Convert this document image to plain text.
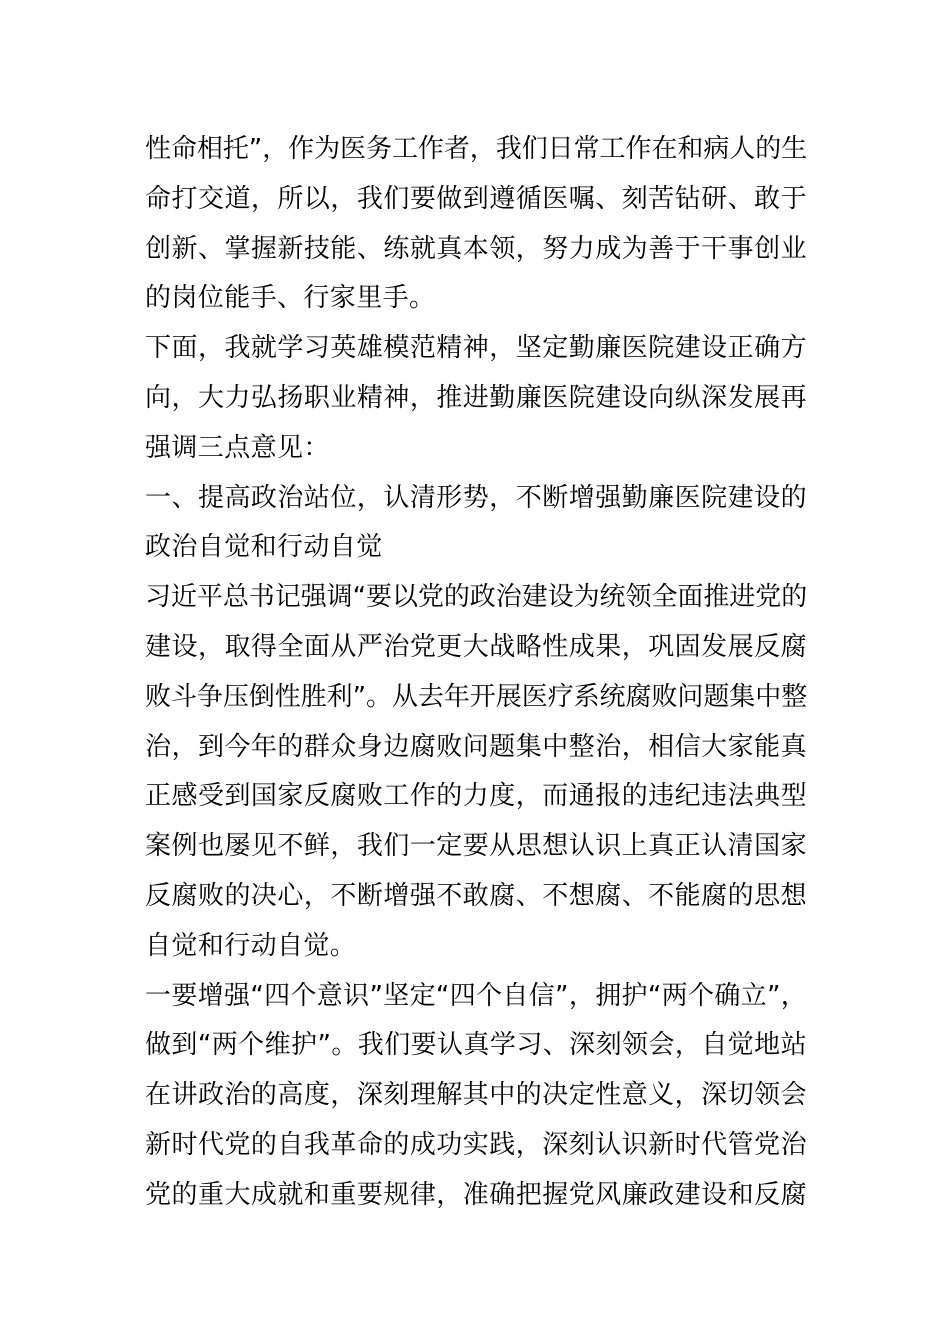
性命相托”，作为医务工作者，我们日常工作在和病人的生
命打交道，所以，我们要做到遵循医嘱、刻苦钻研、敢于
创新、掌握新技能、练就真本领，努力成为善于干事创业
的岗位能手、行家里手。
下面，我就学习英雄模范精神，坚定勤廉医院建设正确方
向，大力弘扬职业精神，推进勤廉医院建设向纵深发展再
强调三点意见：
一、提高政治站位，认清形势，不断增强勤廉医院建设的
政治自觉和行动自觉
习近平总书记强调“要以党的政治建设为统领全面推进党的
建设，取得全面从严治党更大战略性成果，巩固发展反腐
败斗争压倒性胜利”。从去年开展医疗系统腐败问题集中整
治，到今年的群众身边腐败问题集中整治，相信大家能真
正感受到国家反腐败工作的力度，而通报的违纪违法典型
案例也屡见不鲜，我们一定要从思想认识上真正认清国家
反腐败的决心，不断增强不敢腐、不想腐、不能腐的思想
自觉和行动自觉。
一要增强“四个意识”坚定“四个自信”，拥护“两个确立”，
做到“两个维护”。我们要认真学习、深刻领会，自觉地站
在讲政治的高度，深刻理解其中的决定性意义，深切领会
新时代党的自我革命的成功实践，深刻认识新时代管党治
党的重大成就和重要规律，准确把握党风廉政建设和反腐
